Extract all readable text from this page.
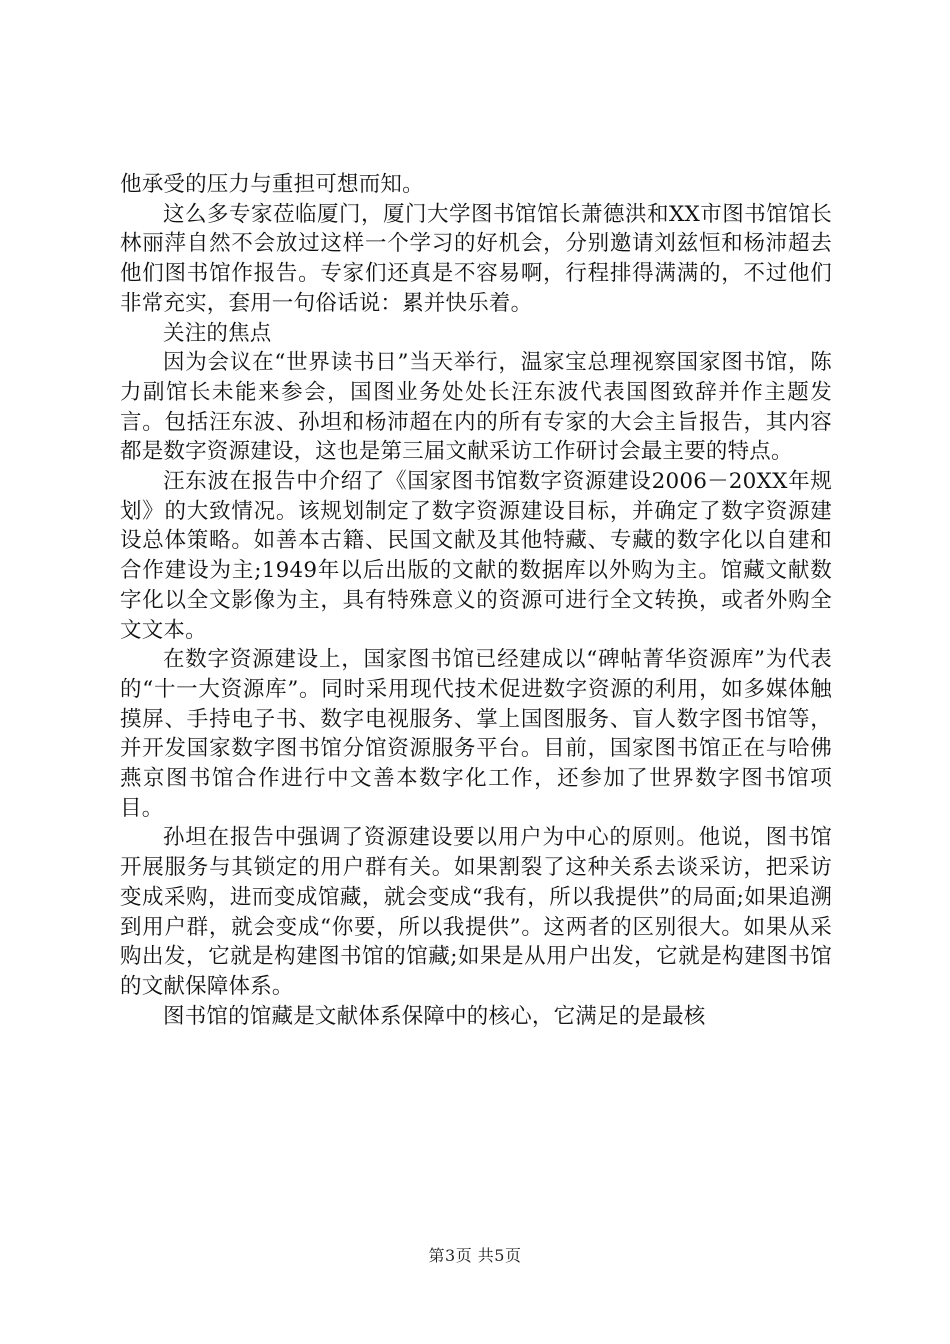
他承受的压力与重担可想而知。

这么多专家莅临厦门，厦门大学图书馆馆长萧德洪和XX市图书馆馆长林丽萍自然不会放过这样一个学习的好机会，分别邀请刘兹恒和杨沛超去他们图书馆作报告。专家们还真是不容易啊，行程排得满满的，不过他们非常充实，套用一句俗话说：累并快乐着。

关注的焦点

因为会议在“世界读书日”当天举行，温家宝总理视察国家图书馆，陈力副馆长未能来参会，国图业务处处长汪东波代表国图致辞并作主题发言。包括汪东波、孙坦和杨沛超在内的所有专家的大会主旨报告，其内容都是数字资源建设，这也是第三届文献采访工作研讨会最主要的特点。

汪东波在报告中介绍了《国家图书馆数字资源建设2006－20XX年规划》的大致情况。该规划制定了数字资源建设目标，并确定了数字资源建设总体策略。如善本古籍、民国文献及其他特藏、专藏的数字化以自建和合作建设为主;1949年以后出版的文献的数据库以外购为主。馆藏文献数字化以全文影像为主，具有特殊意义的资源可进行全文转换，或者外购全文文本。

在数字资源建设上，国家图书馆已经建成以“碑帖菁华资源库”为代表的“十一大资源库”。同时采用现代技术促进数字资源的利用，如多媒体触摸屏、手持电子书、数字电视服务、掌上国图服务、盲人数字图书馆等，并开发国家数字图书馆分馆资源服务平台。目前，国家图书馆正在与哈佛燕京图书馆合作进行中文善本数字化工作，还参加了世界数字图书馆项目。

孙坦在报告中强调了资源建设要以用户为中心的原则。他说，图书馆开展服务与其锁定的用户群有关。如果割裂了这种关系去谈采访，把采访变成采购，进而变成馆藏，就会变成“我有，所以我提供”的局面;如果追溯到用户群，就会变成“你要，所以我提供”。这两者的区别很大。如果从采购出发，它就是构建图书馆的馆藏;如果是从用户出发，它就是构建图书馆的文献保障体系。

图书馆的馆藏是文献体系保障中的核心，它满足的是最核

第3页 共5页
